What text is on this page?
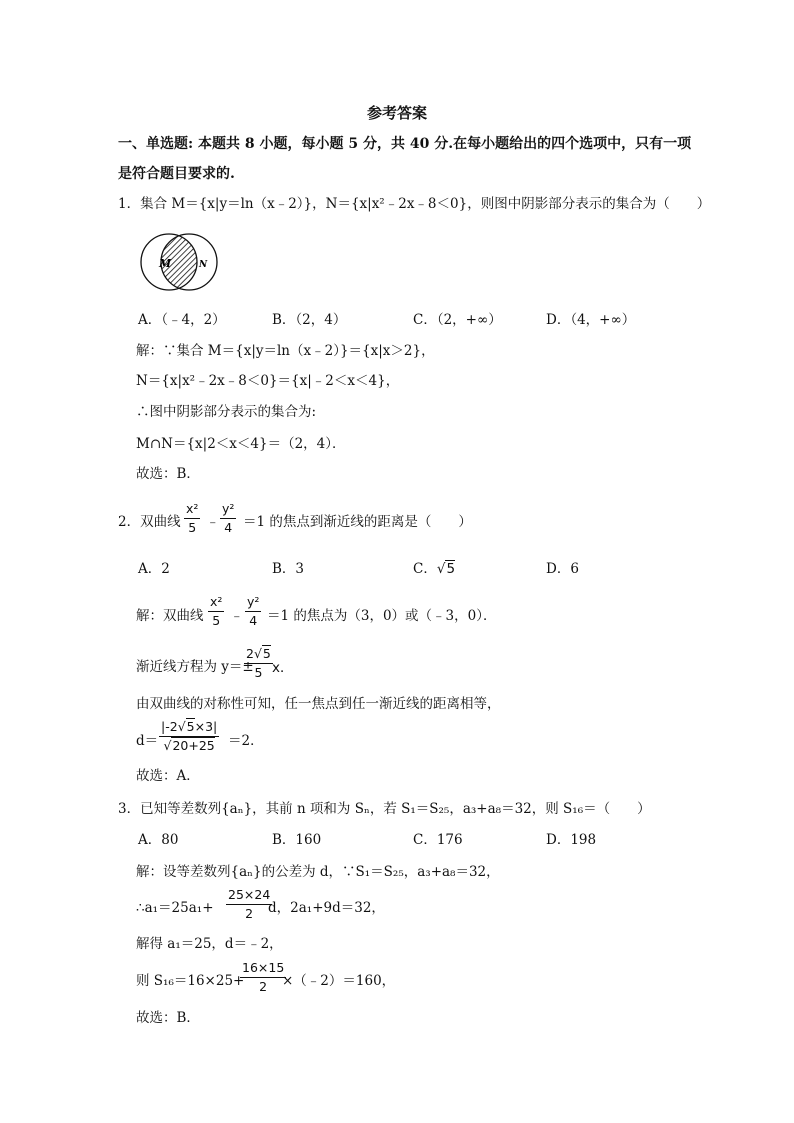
参考答案
一、单选题: 本题共 8 小题，每小题 5 分，共 40 分.在每小题给出的四个选项中，只有一项
是符合题目要求的.
1．集合 M＝{x|y＝ln（x﹣2）}，N＝{x|x²﹣2x﹣8＜0}，则图中阴影部分表示的集合为（　　）
M	N
A．（﹣4，2）	B．（2，4）	C．（2，+∞）	D．（4，+∞）
解：∵集合 M＝{x|y＝ln（x﹣2）}＝{x|x＞2}，
N＝{x|x²﹣2x﹣8＜0}＝{x|﹣2＜x＜4}，
∴图中阴影部分表示的集合为:
M∩N＝{x|2＜x＜4}＝（2，4）．
故选：B．
2．双曲线
x²
5 ﹣
y²
4 ＝1 的焦点到渐近线的距离是（　　）
A．2	B．3	C．√5	D．6
解：双曲线
x²
5 ﹣
y²
4 ＝1 的焦点为（3，0）或（﹣3，0）．
渐近线方程为 y＝±
2√5
5 x．
由双曲线的对称性可知，任一焦点到任一渐近线的距离相等，
d＝
|-2√5×3|
√20+25 ＝2．
故选：A．
3．已知等差数列{aₙ}，其前 n 项和为 Sₙ，若 S₁＝S₂₅，a₃+a₈＝32，则 S₁₆＝（　　）
A．80	B．160	C．176	D．198
解：设等差数列{aₙ}的公差为 d，∵S₁＝S₂₅，a₃+a₈＝32，
∴a₁＝25a₁+
25×24
2 d，2a₁+9d＝32，
解得 a₁＝25，d＝﹣2，
则 S₁₆＝16×25+
16×15
2 ×（﹣2）＝160，
故选：B．
